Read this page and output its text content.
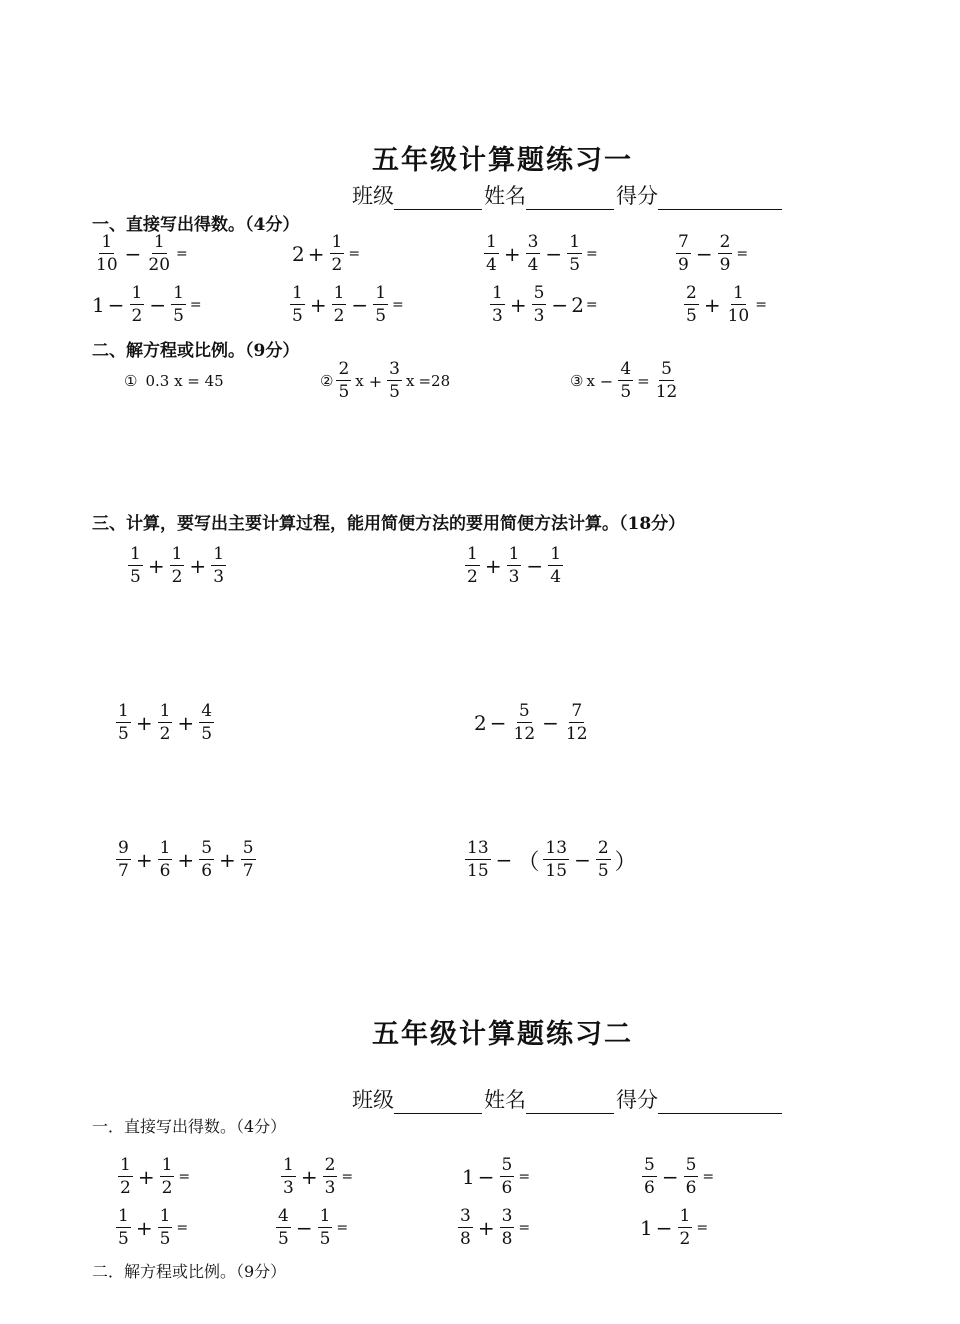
五年级计算题练习一
班级	姓名	得分
一、直接写出得数。（4分）
$\frac{1}{10} - \frac{1}{20}$ =	$2 + \frac{1}{2}$ =	$\frac{1}{4} + \frac{3}{4} - \frac{1}{5}$ =	$\frac{7}{9} - \frac{2}{9}$ =
$1 - \frac{1}{2} - \frac{1}{5}$ =	$\frac{1}{5} + \frac{1}{2} - \frac{1}{5}$ =	$\frac{1}{3} + \frac{5}{3} - 2$ =	$\frac{2}{5} + \frac{1}{10}$ =
二、解方程或比例。（9分）
① 0.3 x = 45	② $\frac{2}{5}$ $x + \frac{3}{5}$ x =28	③ $x - \frac{4}{5} = \frac{5}{12}$
三、计算，要写出主要计算过程，能用简便方法的要用简便方法计算。（18分）
$\frac{1}{5} + \frac{1}{2} + \frac{1}{3}$	$\frac{1}{2} + \frac{1}{3} - \frac{1}{4}$
$\frac{1}{5} + \frac{1}{2} + \frac{4}{5}$	$2 - \frac{5}{12} - \frac{7}{12}$
$\frac{9}{7} + \frac{1}{6} + \frac{5}{6} + \frac{5}{7}$	$\frac{13}{15}$ − （ $\frac{13}{15} - \frac{2}{5}$ ）
五年级计算题练习二
班级	姓名	得分
一．直接写出得数。（4分）
$\frac{1}{2} + \frac{1}{2}$ =	$\frac{1}{3} + \frac{2}{3}$ =	$1 - \frac{5}{6}$ =	$\frac{5}{6} - \frac{5}{6}$ =
$\frac{1}{5} + \frac{1}{5}$ =	$\frac{4}{5} - \frac{1}{5}$ =	$\frac{3}{8} + \frac{3}{8}$ =	$1 - \frac{1}{2}$ =
二．解方程或比例。（9分）
